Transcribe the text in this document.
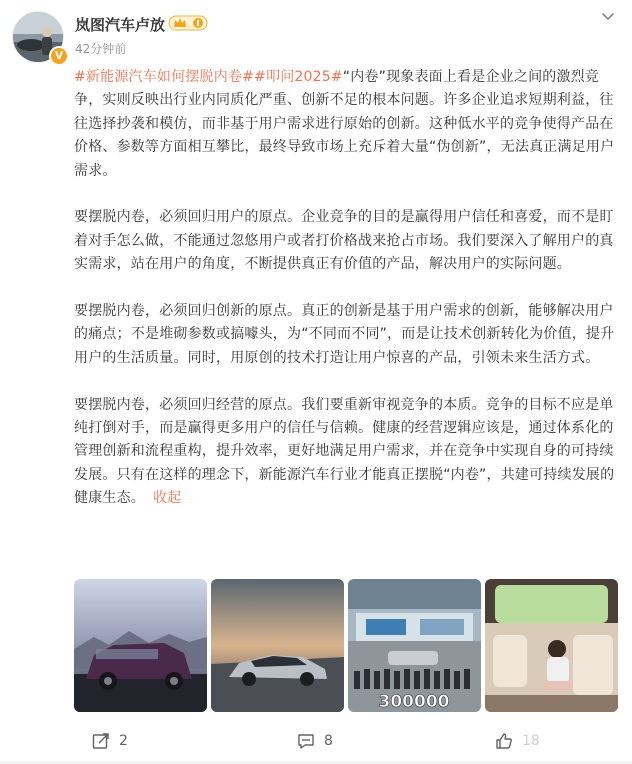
V
岚图汽车卢放
42分钟前

#新能源汽车如何摆脱内卷##叩问2025#“内卷”现象表面上看是企业之间的激烈竞争，实则反映出行业内同质化严重、创新不足的根本问题。许多企业追求短期利益，往往选择抄袭和模仿，而非基于用户需求进行原始的创新。这种低水平的竞争使得产品在价格、参数等方面相互攀比，最终导致市场上充斥着大量“伪创新”，无法真正满足用户需求。

要摆脱内卷，必须回归用户的原点。企业竞争的目的是赢得用户信任和喜爱，而不是盯着对手怎么做，不能通过忽悠用户或者打价格战来抢占市场。我们要深入了解用户的真实需求，站在用户的角度，不断提供真正有价值的产品，解决用户的实际问题。

要摆脱内卷，必须回归创新的原点。真正的创新是基于用户需求的创新，能够解决用户的痛点；不是堆砌参数或搞噱头，为“不同而不同”，而是让技术创新转化为价值，提升用户的生活质量。同时，用原创的技术打造让用户惊喜的产品，引领未来生活方式。

要摆脱内卷，必须回归经营的原点。我们要重新审视竞争的本质。竞争的目标不应是单纯打倒对手，而是赢得更多用户的信任与信赖。健康的经营逻辑应该是，通过体系化的管理创新和流程重构，提升效率，更好地满足用户需求，并在竞争中实现自身的可持续发展。只有在这样的理念下，新能源汽车行业才能真正摆脱“内卷”，共建可持续发展的健康生态。 收起

300000
2	8	18
